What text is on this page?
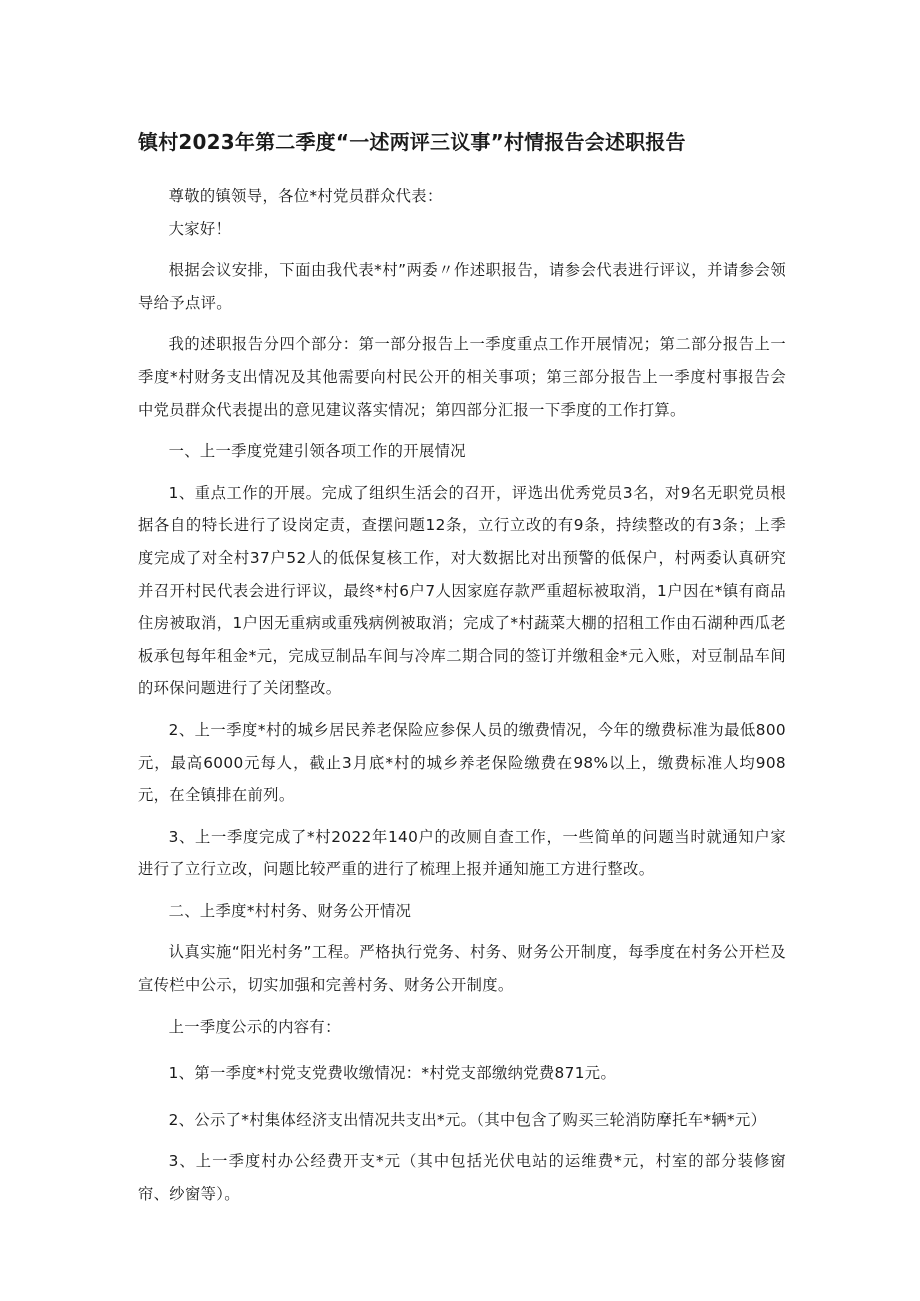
镇村2023年第二季度“一述两评三议事”村情报告会述职报告

尊敬的镇领导，各位*村党员群众代表：

大家好！

根据会议安排，下面由我代表*村”两委〃作述职报告，请参会代表进行评议，并请参会领导给予点评。

我的述职报告分四个部分：第一部分报告上一季度重点工作开展情况；第二部分报告上一季度*村财务支出情况及其他需要向村民公开的相关事项；第三部分报告上一季度村事报告会中党员群众代表提出的意见建议落实情况；第四部分汇报一下季度的工作打算。

一、上一季度党建引领各项工作的开展情况

1、重点工作的开展。完成了组织生活会的召开，评选出优秀党员3名，对9名无职党员根据各自的特长进行了设岗定责，查摆问题12条，立行立改的有9条，持续整改的有3条；上季度完成了对全村37户52人的低保复核工作，对大数据比对出预警的低保户，村两委认真研究并召开村民代表会进行评议，最终*村6户7人因家庭存款严重超标被取消，1户因在*镇有商品住房被取消，1户因无重病或重残病例被取消；完成了*村蔬菜大棚的招租工作由石湖种西瓜老板承包每年租金*元，完成豆制品车间与冷库二期合同的签订并缴租金*元入账，对豆制品车间的环保问题进行了关闭整改。

2、上一季度*村的城乡居民养老保险应参保人员的缴费情况，今年的缴费标准为最低800元，最高6000元每人，截止3月底*村的城乡养老保险缴费在98%以上，缴费标准人均908元，在全镇排在前列。

3、上一季度完成了*村2022年140户的改厕自查工作，一些简单的问题当时就通知户家进行了立行立改，问题比较严重的进行了梳理上报并通知施工方进行整改。

二、上季度*村村务、财务公开情况

认真实施“阳光村务”工程。严格执行党务、村务、财务公开制度，每季度在村务公开栏及宣传栏中公示，切实加强和完善村务、财务公开制度。

上一季度公示的内容有：

1、第一季度*村党支党费收缴情况：*村党支部缴纳党费871元。

2、公示了*村集体经济支出情况共支出*元。（其中包含了购买三轮消防摩托车*辆*元）

3、上一季度村办公经费开支*元（其中包括光伏电站的运维费*元，村室的部分装修窗帘、纱窗等）。
